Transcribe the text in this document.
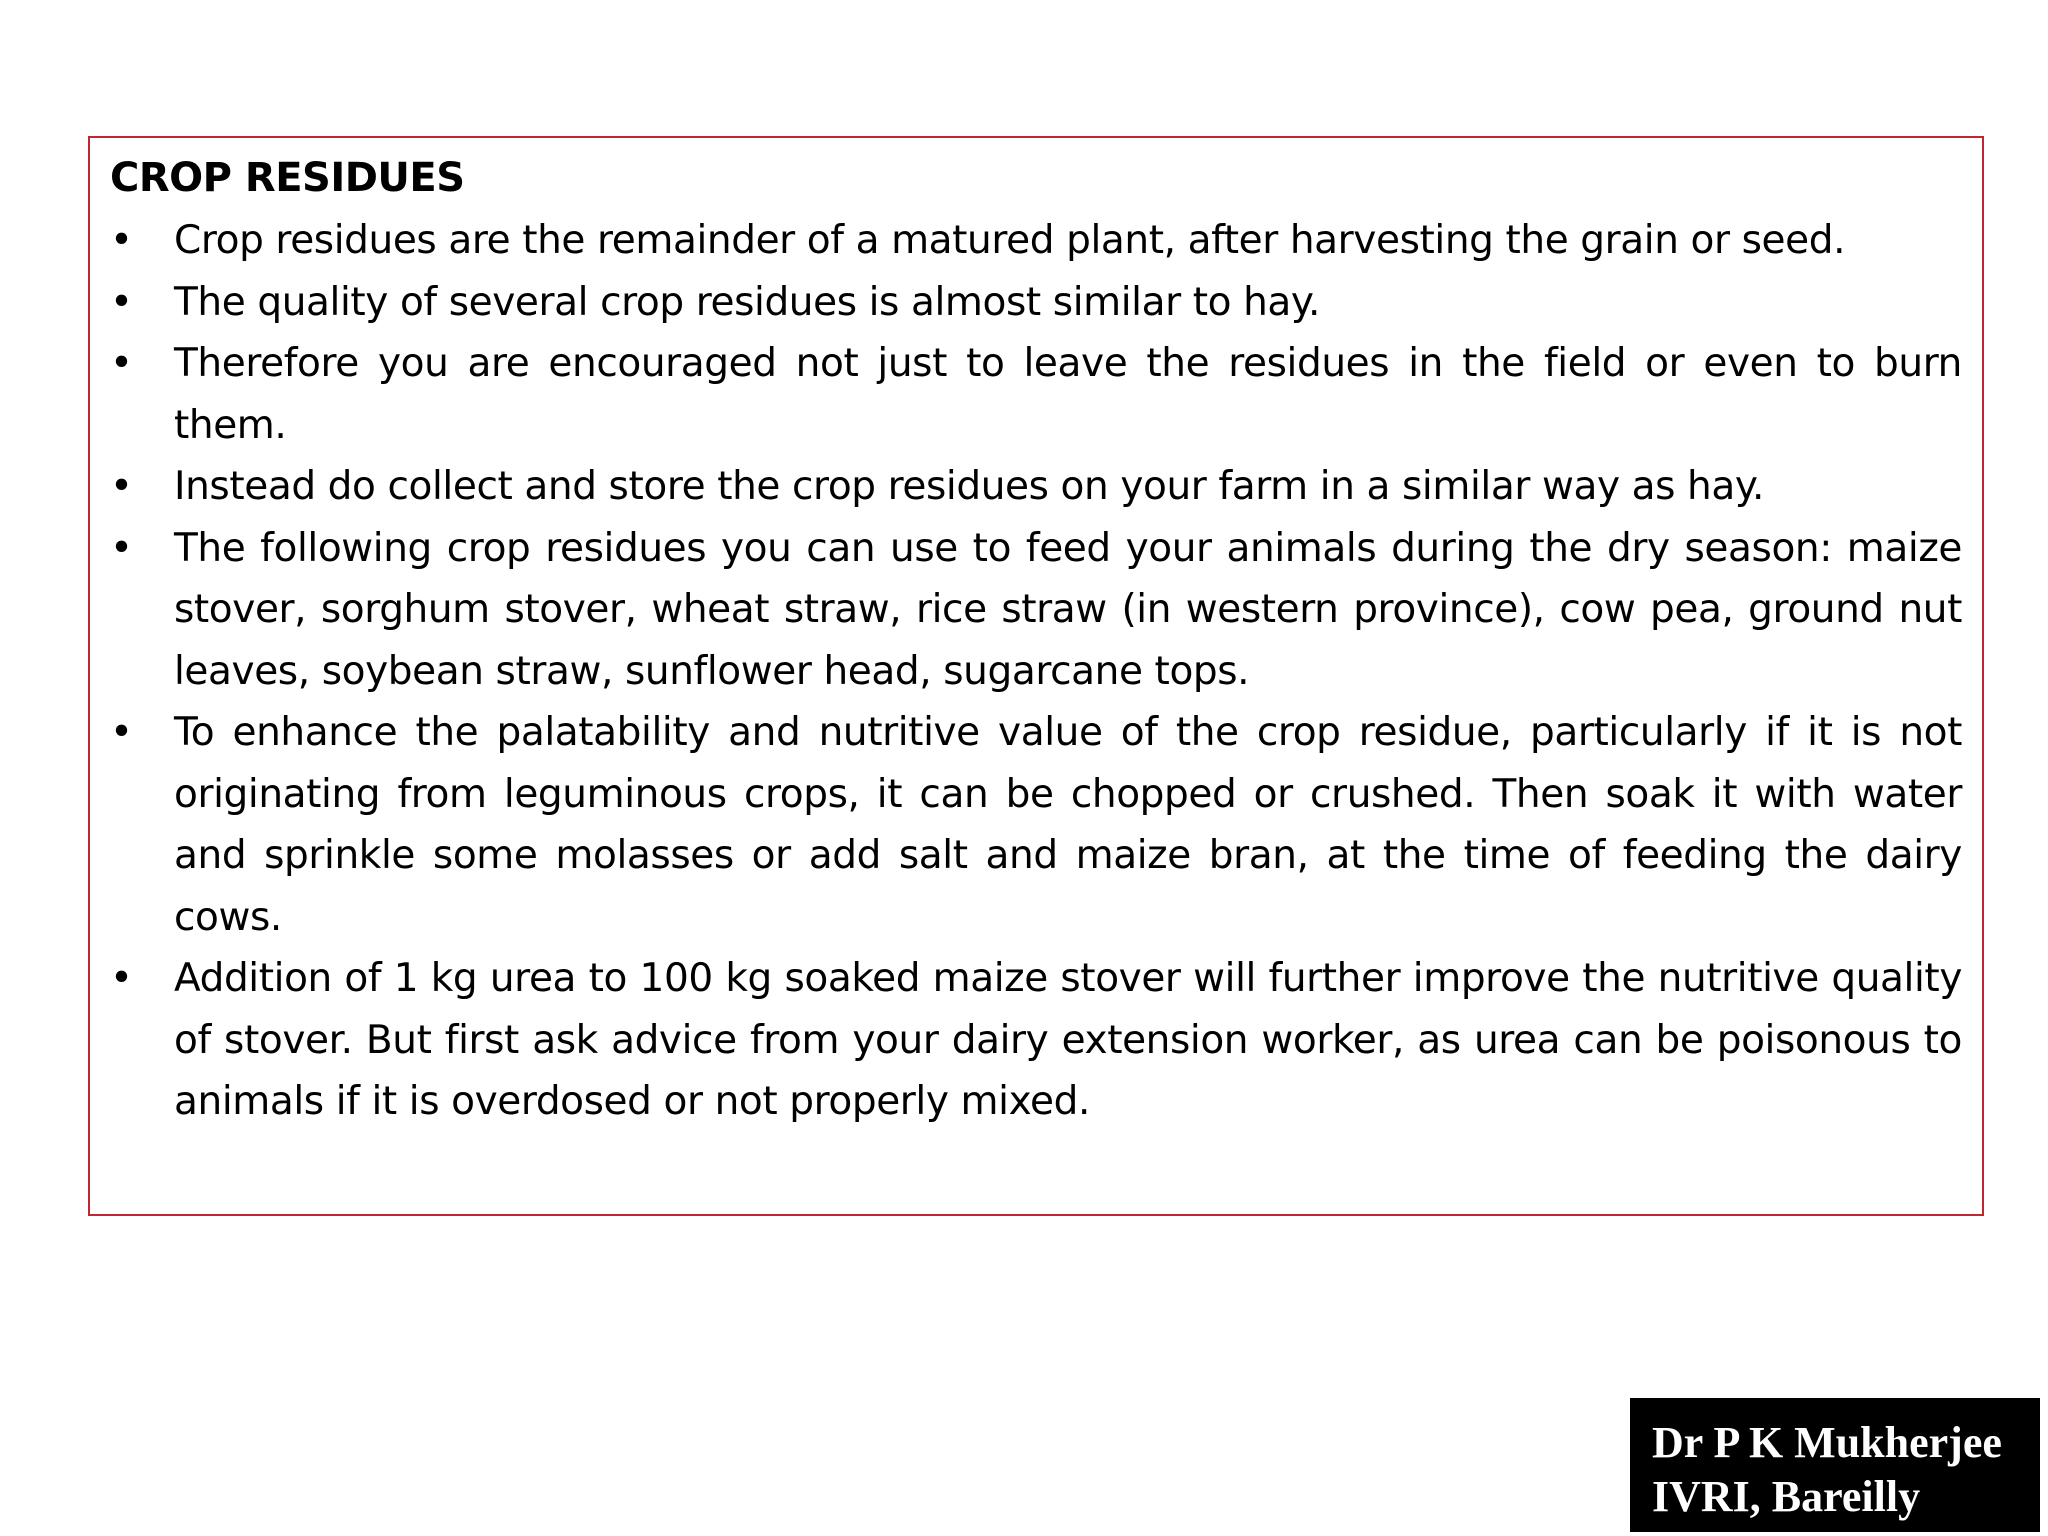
CROP RESIDUES
• Crop residues are the remainder of a matured plant, after harvesting the grain or seed.
• The quality of several crop residues is almost similar to hay.
• Therefore you are encouraged not just to leave the residues in the field or even to burn them.
• Instead do collect and store the crop residues on your farm in a similar way as hay.
• The following crop residues you can use to feed your animals during the dry season: maize stover, sorghum stover, wheat straw, rice straw (in western province), cow pea, ground nut leaves, soybean straw, sunflower head, sugarcane tops.
• To enhance the palatability and nutritive value of the crop residue, particularly if it is not originating from leguminous crops, it can be chopped or crushed. Then soak it with water and sprinkle some molasses or add salt and maize bran, at the time of feeding the dairy cows.
• Addition of 1 kg urea to 100 kg soaked maize stover will further improve the nutritive quality of stover. But first ask advice from your dairy extension worker, as urea can be poisonous to animals if it is overdosed or not properly mixed.
Dr P K Mukherjee
IVRI, Bareilly
